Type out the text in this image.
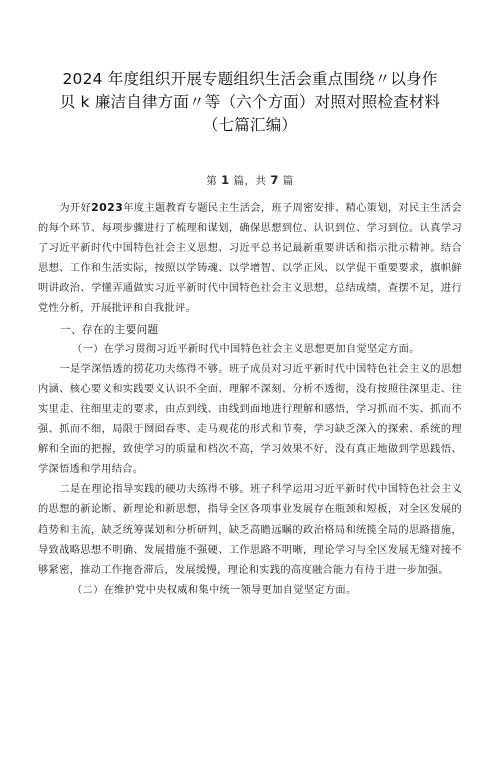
2024 年度组织开展专题组织生活会重点围绕〃以身作
贝 k 廉洁自律方面〃等（六个方面）对照对照检查材料
（七篇汇编）
第 1 篇，共 7 篇

为开好2023年度主题教育专题民主生活会，班子周密安排、精心策划，对民主生活会的每个环节、每项步骤进行了梳理和谋划，确保思想到位、认识到位、学习到位。认真学习了习近平新时代中国特色社会主义思想、习近平总书记最新重要讲话和指示批示精神。结合思想、工作和生活实际，按照以学铸魂、以学增智、以学正风、以学促干重要要求，旗帜鲜明讲政治、学懂弄通做实习近平新时代中国特色社会主义思想，总结成绩，查摆不足，进行党性分析，开展批评和自我批评。

一、存在的主要问题

（一）在学习贯彻习近平新时代中国特色社会主义思想更加自觉坚定方面。

一是学深悟透的捞花功夫练得不够。班子成员对习近平新时代中国特色社会主义的思想内涵、核心要义和实践要义认识不全面、理解不深刻、分析不透彻，没有按照往深里走、往实里走、往细里走的要求，由点到线、由线到面地进行理解和感悟，学习抓而不实、抓而不强、抓而不细，局限于囫囵吞枣、走马观花的形式和节奏，学习缺乏深入的探索、系统的理解和全面的把握，致使学习的质量和档次不高，学习效果不好，没有真正地做到学思践悟、学深悟透和学用结合。

二是在理论指导实践的硬功夫练得不够。班子科学运用习近平新时代中国特色社会主义的思想的新论断、新理论和新思想，指导全区各项事业发展存在瓶颈和短板，对全区发展的趋势和主流，缺乏统筹谋划和分析研判，缺乏高瞻远瞩的政治格局和统揽全局的思路措施，导致战略思想不明确、发展措施不强硬、工作思路不明晰，理论学习与全区发展无缝对接不够紧密，推动工作拖沓滞后，发展缓慢，理论和实践的高度融合能力有待于进一步加强。

（二）在维护党中央权威和集中统一领导更加自觉坚定方面。
